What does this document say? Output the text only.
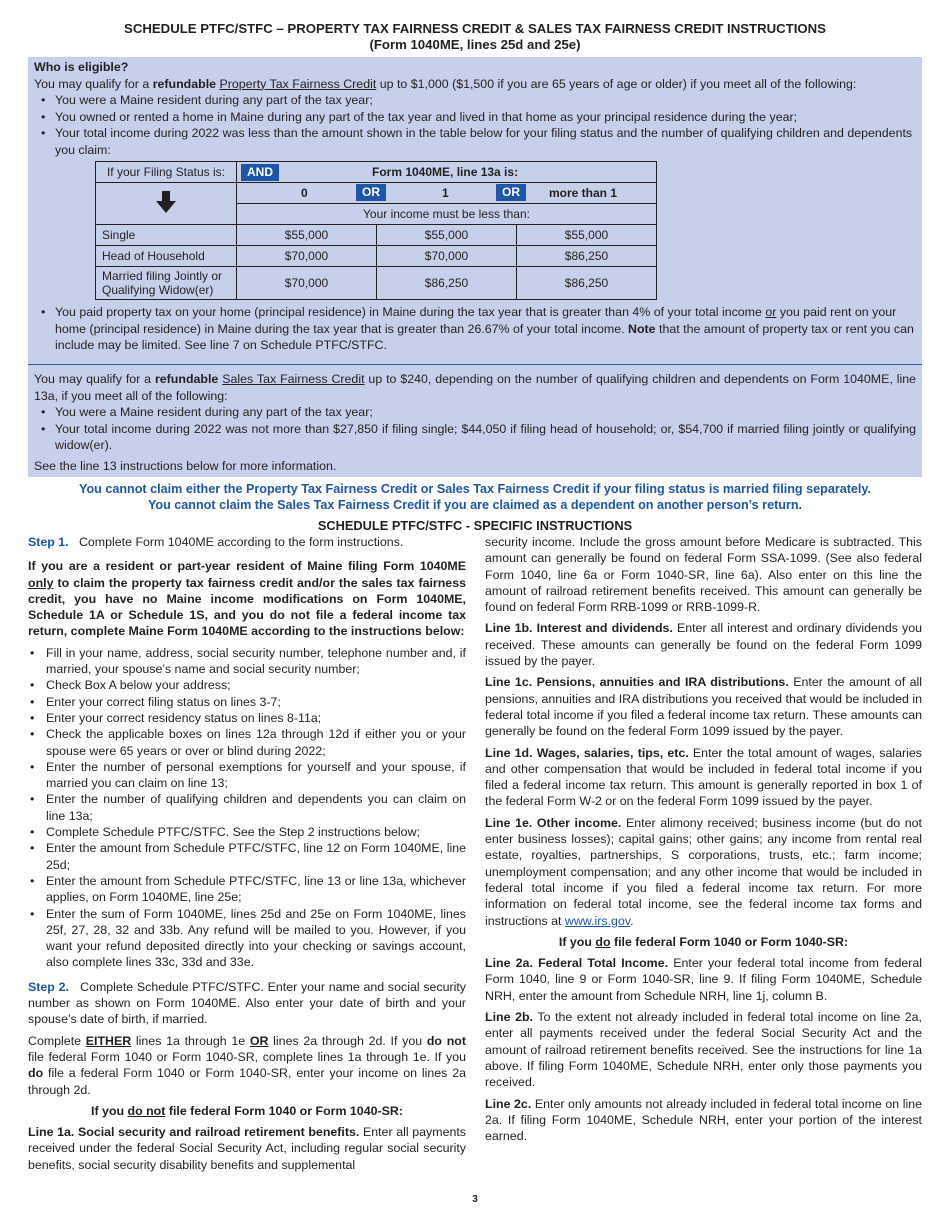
SCHEDULE PTFC/STFC – PROPERTY TAX FAIRNESS CREDIT & SALES TAX FAIRNESS CREDIT INSTRUCTIONS
(Form 1040ME, lines 25d and 25e)
Who is eligible?

You may qualify for a refundable Property Tax Fairness Credit up to $1,000 ($1,500 if you are 65 years of age or older) if you meet all of the following:

• You were a Maine resident during any part of the tax year;
• You owned or rented a home in Maine during any part of the tax year and lived in that home as your principal residence during the year;
• Your total income during 2022 was less than the amount shown in the table below for your filing status and the number of qualifying children and dependents you claim:
If your Filing Status is:	AND Form 1040ME, line 13a is:		

0 OR 1 OR more than 1		

	Your income must be less than:		
Single	$55,000	$55,000	$55,000
Head of Household	$70,000	$70,000	$86,250

Married filing Jointly or
Qualifying Widow(er)	$70,000	$86,250	$86,250
• You paid property tax on your home (principal residence) in Maine during the tax year that is greater than 4% of your total income or you paid rent on your home (principal residence) in Maine during the tax year that is greater than 26.67% of your total income. Note that the amount of property tax or rent you can include may be limited. See line 7 on Schedule PTFC/STFC.

You may qualify for a refundable Sales Tax Fairness Credit up to $240, depending on the number of qualifying children and dependents on Form 1040ME, line 13a, if you meet all of the following:

• You were a Maine resident during any part of the tax year;
• Your total income during 2022 was not more than $27,850 if filing single; $44,050 if filing head of household; or, $54,700 if married filing jointly or qualifying widow(er).

See the line 13 instructions below for more information.

You cannot claim either the Property Tax Fairness Credit or Sales Tax Fairness Credit if your filing status is married filing separately.
You cannot claim the Sales Tax Fairness Credit if you are claimed as a dependent on another person’s return.
SCHEDULE PTFC/STFC - SPECIFIC INSTRUCTIONS

Step 1. Complete Form 1040ME according to the form instructions.

If you are a resident or part-year resident of Maine filing Form 1040ME only to claim the property tax fairness credit and/or the sales tax fairness credit, you have no Maine income modifications on Form 1040ME, Schedule 1A or Schedule 1S, and you do not file a federal income tax return, complete Maine Form 1040ME according to the instructions below:

• Fill in your name, address, social security number, telephone number and, if married, your spouse’s name and social security number;
• Check Box A below your address;
• Enter your correct filing status on lines 3-7;
• Enter your correct residency status on lines 8-11a;
• Check the applicable boxes on lines 12a through 12d if either you or your spouse were 65 years or over or blind during 2022;
• Enter the number of personal exemptions for yourself and your spouse, if married you can claim on line 13;
• Enter the number of qualifying children and dependents you can claim on line 13a;
• Complete Schedule PTFC/STFC. See the Step 2 instructions below;
• Enter the amount from Schedule PTFC/STFC, line 12 on Form 1040ME, line 25d;
• Enter the amount from Schedule PTFC/STFC, line 13 or line 13a, whichever applies, on Form 1040ME, line 25e;
• Enter the sum of Form 1040ME, lines 25d and 25e on Form 1040ME, lines 25f, 27, 28, 32 and 33b. Any refund will be mailed to you. However, if you want your refund deposited directly into your checking or savings account, also complete lines 33c, 33d and 33e.

Step 2. Complete Schedule PTFC/STFC. Enter your name and social security number as shown on Form 1040ME. Also enter your date of birth and your spouse’s date of birth, if married.

Complete EITHER lines 1a through 1e OR lines 2a through 2d. If you do not file federal Form 1040 or Form 1040-SR, complete lines 1a through 1e. If you do file a federal Form 1040 or Form 1040-SR, enter your income on lines 2a through 2d.

If you do not file federal Form 1040 or Form 1040-SR:

Line 1a. Social security and railroad retirement benefits. Enter all payments received under the federal Social Security Act, including regular social security benefits, social security disability benefits and supplemental

security income. Include the gross amount before Medicare is subtracted. This amount can generally be found on federal Form SSA-1099. (See also federal Form 1040, line 6a or Form 1040-SR, line 6a). Also enter on this line the amount of railroad retirement benefits received. This amount can generally be found on federal Form RRB-1099 or RRB-1099-R.

Line 1b. Interest and dividends. Enter all interest and ordinary dividends you received. These amounts can generally be found on the federal Form 1099 issued by the payer.

Line 1c. Pensions, annuities and IRA distributions. Enter the amount of all pensions, annuities and IRA distributions you received that would be included in federal total income if you filed a federal income tax return. These amounts can generally be found on the federal Form 1099 issued by the payer.

Line 1d. Wages, salaries, tips, etc. Enter the total amount of wages, salaries and other compensation that would be included in federal total income if you filed a federal income tax return. This amount is generally reported in box 1 of the federal Form W-2 or on the federal Form 1099 issued by the payer.

Line 1e. Other income. Enter alimony received; business income (but do not enter business losses); capital gains; other gains; any income from rental real estate, royalties, partnerships, S corporations, trusts, etc.; farm income; unemployment compensation; and any other income that would be included in federal total income if you filed a federal income tax return. For more information on federal total income, see the federal income tax forms and instructions at www.irs.gov.

If you do file federal Form 1040 or Form 1040-SR:

Line 2a. Federal Total Income. Enter your federal total income from federal Form 1040, line 9 or Form 1040-SR, line 9. If filing Form 1040ME, Schedule NRH, enter the amount from Schedule NRH, line 1j, column B.

Line 2b. To the extent not already included in federal total income on line 2a, enter all payments received under the federal Social Security Act and the amount of railroad retirement benefits received. See the instructions for line 1a above. If filing Form 1040ME, Schedule NRH, enter only those payments you received.

Line 2c. Enter only amounts not already included in federal total income on line 2a. If filing Form 1040ME, Schedule NRH, enter your portion of the interest earned.

3
